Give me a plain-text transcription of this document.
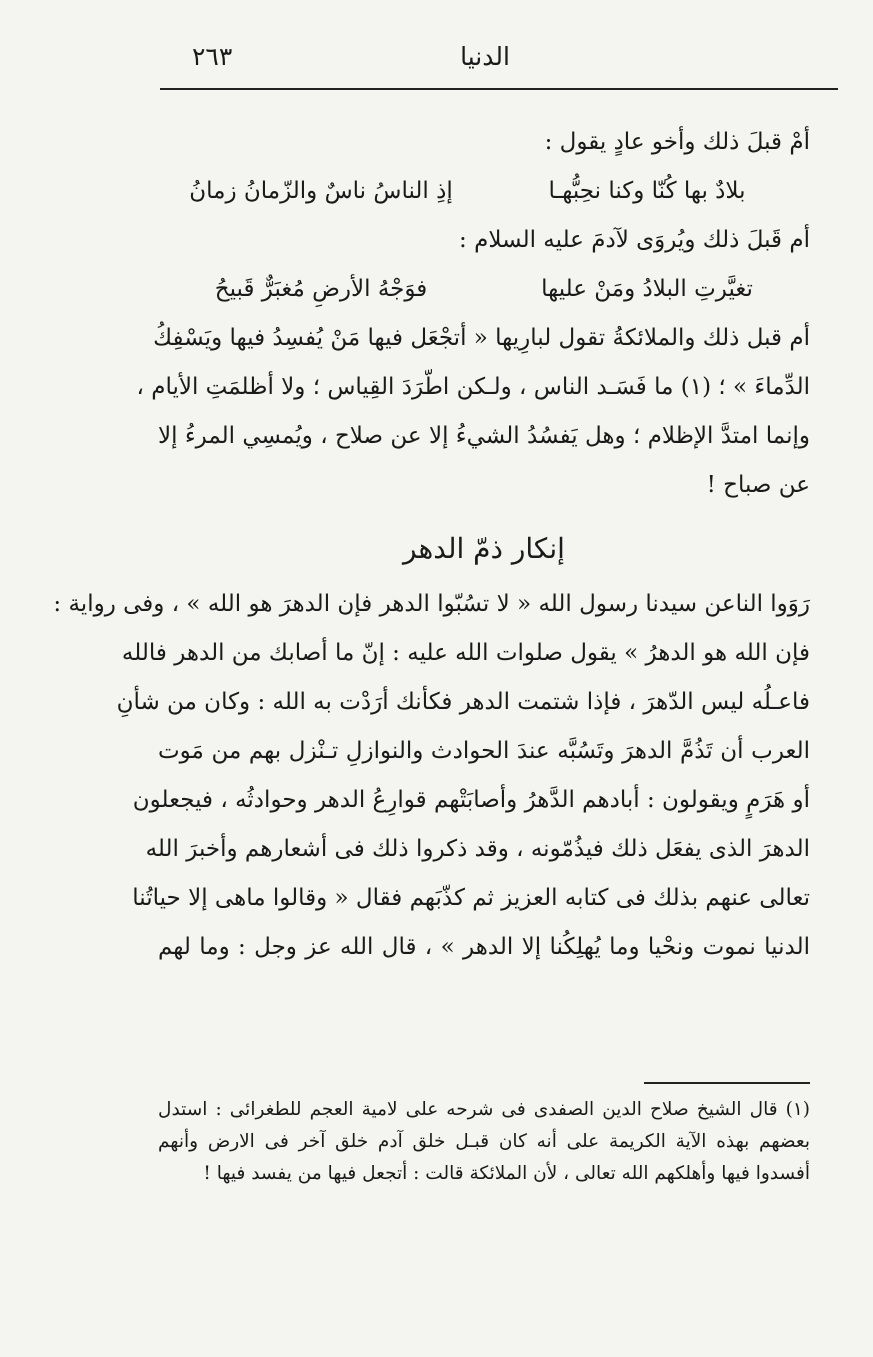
الدنيا
٢٦٣
أمْ قبلَ ذلك وأخو عادٍ يقول :
بلادٌ بها كُنّا وكنا نحِبُّهـا
إذِ الناسُ ناسٌ والزّمانُ زمانُ
أم قَبلَ ذلك ويُروَى لآدمَ عليه السلام :
تغيَّرتِ البلادُ ومَنْ عليها
فوَجْهُ الأرضِ مُغبَرٌّ قَبيحُ
أم قبل ذلك والملائكةُ تقول لبارِيها « أتجْعَل فيها مَنْ يُفسِدُ فيها ويَسْفِكُ
الدِّماءَ » ؛ (١) ما فَسَـد الناس ، ولـكن اطّرَدَ القِياس ؛ ولا أظلمَتِ الأيام ،
وإنما امتدَّ الإظلام ؛ وهل يَفسُدُ الشيءُ إلا عن صلاح ، ويُمسِي المرءُ إلا
عن صباح !
إنكار ذمّ الدهر
رَوَوا الناعن سيدنا رسول الله « لا تسُبّوا الدهر فإن الدهرَ هو الله » ، وفى رواية :
فإن الله هو الدهرُ » يقول صلوات الله عليه : إنّ ما أصابك من الدهر فالله
فاعـلُه ليس الدّهرَ ، فإذا شتمت الدهر فكأنك أرَدْت به الله : وكان من شأنِ
العرب أن تَذُمَّ الدهرَ وتَسُبَّه عندَ الحوادث والنوازلِ تـنْزل بهم من مَوت
أو هَرَمٍ ويقولون : أبادهم الدَّهرُ وأصابَتْهم قوارِعُ الدهر وحوادثُه ، فيجعلون
الدهرَ الذى يفعَل ذلك فيذُمّونه ، وقد ذكروا ذلك فى أشعارهم وأخبرَ الله
تعالى عنهم بذلك فى كتابه العزيز ثم كذّبَهم فقال « وقالوا ماهى إلا حياتُنا
الدنيا نموت ونحْيا وما يُهلِكُنا إلا الدهر » ، قال الله عز وجل : وما لهم
(١) قال الشيخ صلاح الدين الصفدى فى شرحه على لامية العجم للطغرائى : استدل
بعضهم بهذه الآية الكريمة على أنه كان قبـل خلق آدم خلق آخر فى الارض وأنهم
أفسدوا فيها وأهلكهم الله تعالى ، لأن الملائكة قالت : أتجعل فيها من يفسد فيها !
